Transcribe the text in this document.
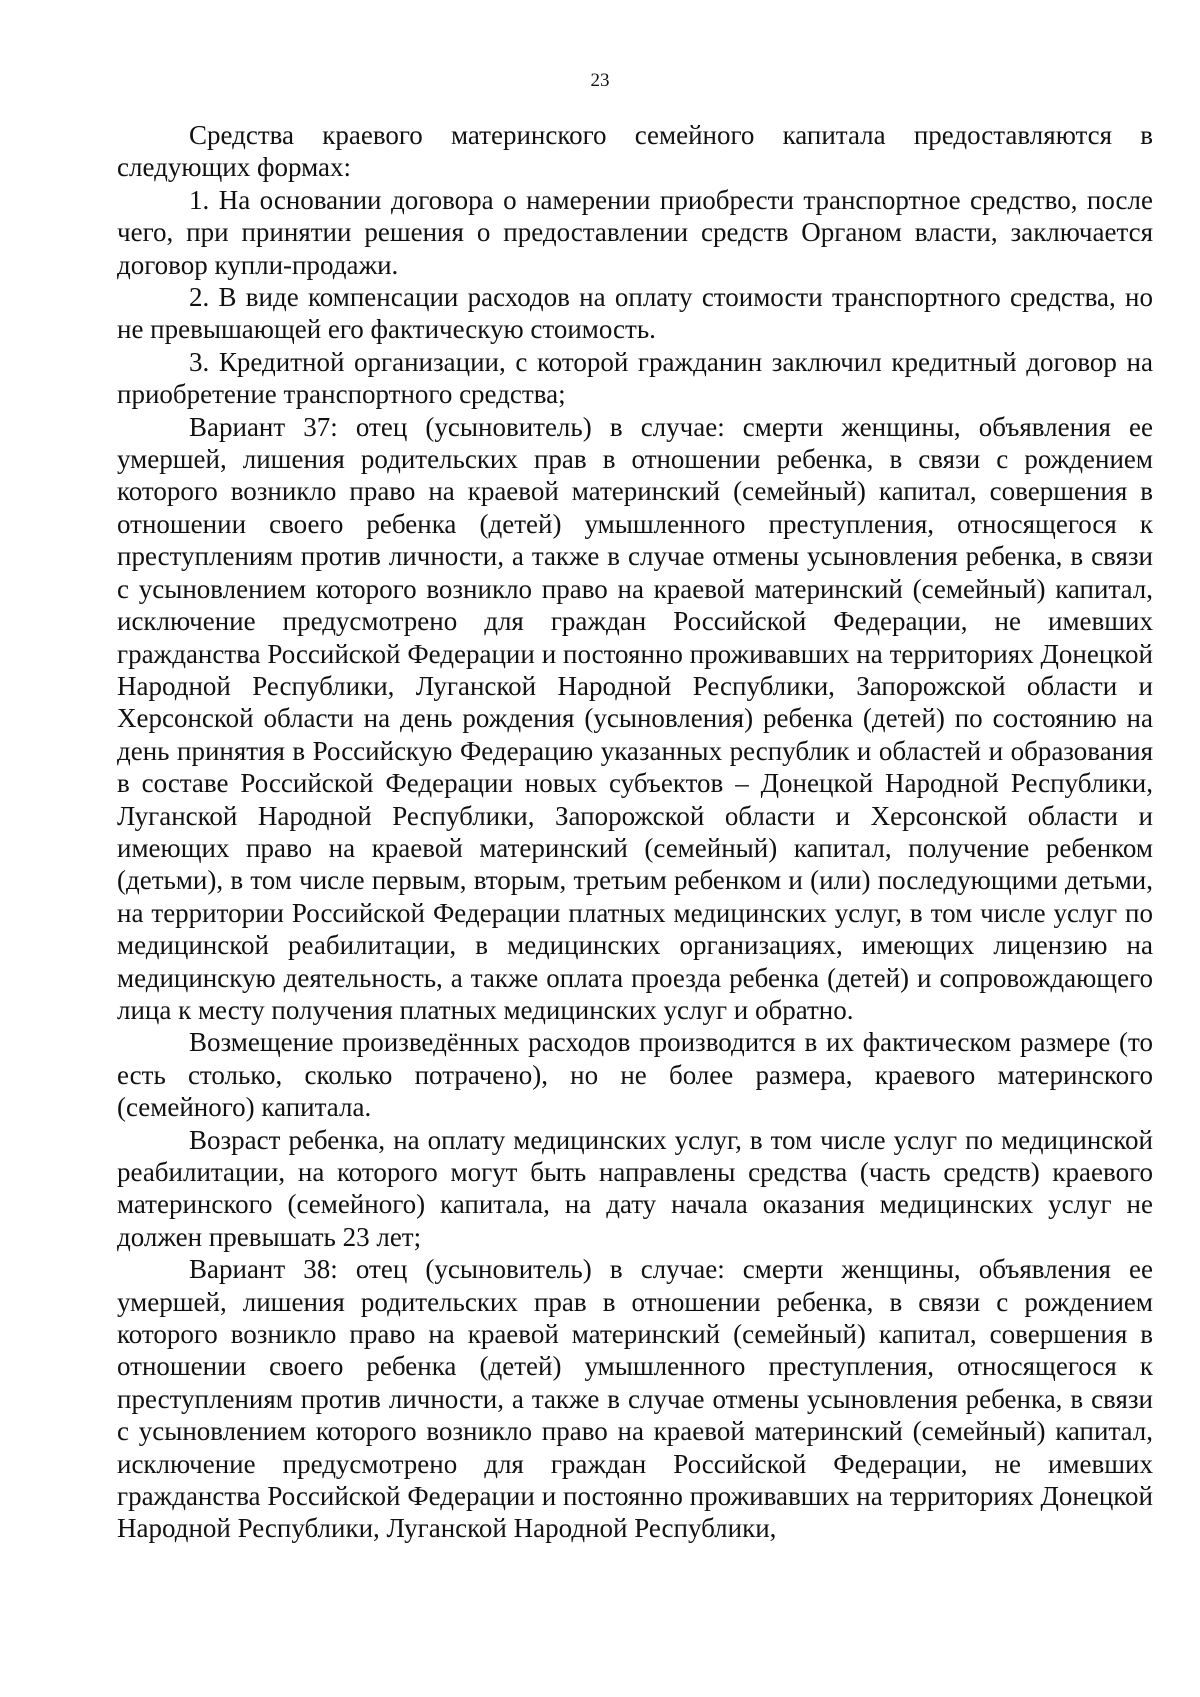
23

Средства краевого материнского семейного капитала предоставляются в следующих формах:

1. На основании договора о намерении приобрести транспортное средство, после чего, при принятии решения о предоставлении средств Органом власти, заключается договор купли-продажи.

2. В виде компенсации расходов на оплату стоимости транспортного средства, но не превышающей его фактическую стоимость.

3. Кредитной организации, с которой гражданин заключил кредитный договор на приобретение транспортного средства;

Вариант 37: отец (усыновитель) в случае: смерти женщины, объявления ее умершей, лишения родительских прав в отношении ребенка, в связи с рождением которого возникло право на краевой материнский (семейный) капитал, совершения в отношении своего ребенка (детей) умышленного преступления, относящегося к преступлениям против личности, а также в случае отмены усыновления ребенка, в связи с усыновлением которого возникло право на краевой материнский (семейный) капитал, исключение предусмотрено для граждан Российской Федерации, не имевших гражданства Российской Федерации и постоянно проживавших на территориях Донецкой Народной Республики, Луганской Народной Республики, Запорожской области и Херсонской области на день рождения (усыновления) ребенка (детей) по состоянию на день принятия в Российскую Федерацию указанных республик и областей и образования в составе Российской Федерации новых субъектов – Донецкой Народной Республики, Луганской Народной Республики, Запорожской области и Херсонской области и имеющих право на краевой материнский (семейный) капитал, получение ребенком (детьми), в том числе первым, вторым, третьим ребенком и (или) последующими детьми, на территории Российской Федерации платных медицинских услуг, в том числе услуг по медицинской реабилитации, в медицинских организациях, имеющих лицензию на медицинскую деятельность, а также оплата проезда ребенка (детей) и сопровождающего лица к месту получения платных медицинских услуг и обратно.

Возмещение произведённых расходов производится в их фактическом размере (то есть столько, сколько потрачено), но не более размера, краевого материнского (семейного) капитала.

Возраст ребенка, на оплату медицинских услуг, в том числе услуг по медицинской реабилитации, на которого могут быть направлены средства (часть средств) краевого материнского (семейного) капитала, на дату начала оказания медицинских услуг не должен превышать 23 лет;

Вариант 38: отец (усыновитель) в случае: смерти женщины, объявления ее умершей, лишения родительских прав в отношении ребенка, в связи с рождением которого возникло право на краевой материнский (семейный) капитал, совершения в отношении своего ребенка (детей) умышленного преступления, относящегося к преступлениям против личности, а также в случае отмены усыновления ребенка, в связи с усыновлением которого возникло право на краевой материнский (семейный) капитал, исключение предусмотрено для граждан Российской Федерации, не имевших гражданства Российской Федерации и постоянно проживавших на территориях Донецкой Народной Республики, Луганской Народной Республики,
